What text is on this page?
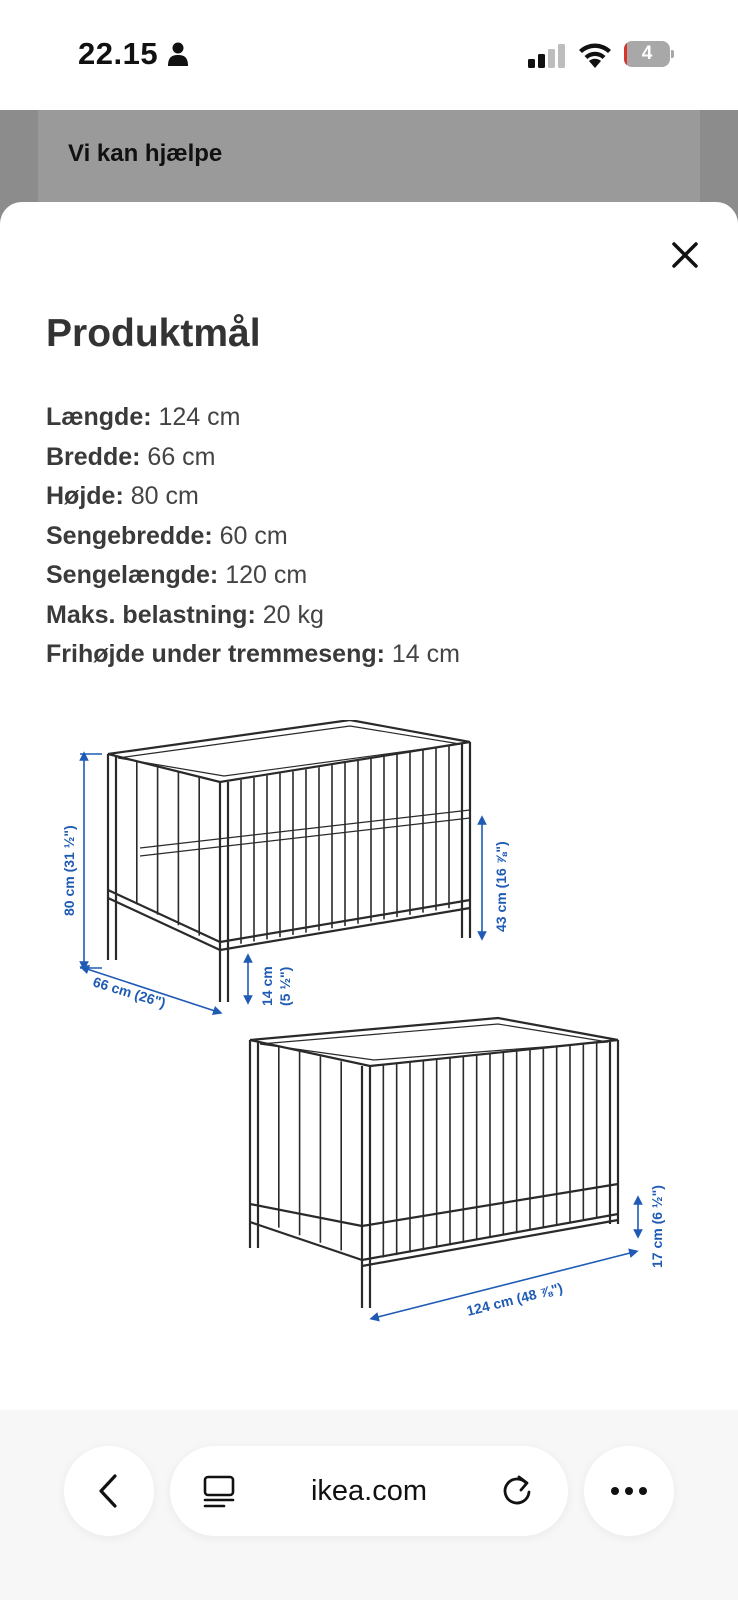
22.15	4
Vi kan hjælpe
Produktmål
Længde: 124 cm
Bredde: 66 cm
Højde: 80 cm
Sengebredde: 60 cm
Sengelængde: 120 cm
Maks. belastning: 20 kg
Frihøjde under tremmeseng: 14 cm
80 cm (31 ½")
66 cm (26")	14 cm (5 ½")
43 cm (16 ⅞")
17 cm (6 ½")
124 cm (48 ⅞")
ikea.com
